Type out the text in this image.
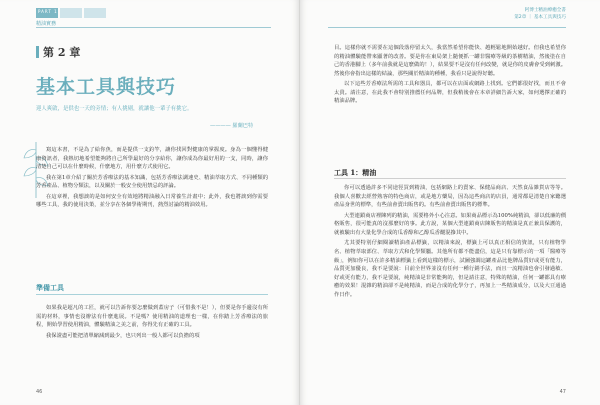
PART 1
精油實務
第 2 章
基本工具與技巧
迎人爽啟，是供也一天的旁情；有人挑剔，就讓他一輩子有挑它。
———— 羅蘭巴特

寫這本書，不是為了給你魚，而是提供一支釣竿，讓你找回對健康的掌握度。身為一個懂得健康資訊者，我熱切地希望能夠將自己所學最好的分享給你，讓你成為你最好用的一支，同時，讓你清楚自己可以在什麼時候，什麼地方，用什麼方式使用它。

我在第1章介紹了關於芳香療法的基本知識，包括芳香療法調速史、精油萃取方式、不同種類的芳香產品、植物分類法，以及關於一般安全使用禁忌的評論。

在這章裡，我想談的是如何安全有效地將精油融入日常養生計畫中；此外，我也將談到你需要哪些工具，我的使用決策，並分享在各個學術期刊，熱烈討論的精油效用。

準備工具

如果我是超凡的工匠，就可以告訴你要怎麼做到蓋房子（可惜我不是！），但要是你手邊沒有所需的材料，事情也沒辦法有什麼進展。不是嗎？使用精油的道理也一樣，在你踏上芳香療法的旅程，開始學習使用精油，體驗精油之美之前，你得先有正確的工具。

我保證盡可能把清單縮減到最少，也只列出一般人都可以負擔的項

46
阿博士精油療癒全書
第2章 ｜ 基本工具與技巧

目。這樣你就不需要在這個段落停留太久，我當然希望你能快、越輕鬆地開始越好。但我也希望你的精油體驗能帶來顯著的改善。要是你在東局架上隨便抓一罐非醫療等級的茶樹精油，然後塗在自己的香港腳上（多年前我就是這麼做的！），結果要不是沒有任何改變，就是你的皮膚會受到刺激。然後你會指出這樣的結論，那些關於精油的種種，我看只是說得好聽。

以下這些芳香療法所需的工具和器具，都可以在店面或網路上找到。它們都很好找，而且不會太貴。請注意，在此我不會特別推薦任何品牌，但我稍後會在本章詳細告訴大家，如何選擇正確的精油品牌。

工具 1：精油

你可以透過許多不同途徑買到精油，包括網路上的賣家、保健品商店、天然食品雜貨店等等。我個人喜歡去經營熟客的特色商店，或是地方藥局，因為這些商店的店員，通常都是清楚自家聽選產品身世的標準，有些前會賣出販售的。有些前會賣出販售的標準。

大型連鎖商店裡陳列的精油，需要格外小心注意。如果商品標示為100%純精油，卻以低廉的價格販售，很可能真的沒那麼好的事。此方說，某個大型連鎖商店陳販售的精油是真正兼具保護的，就被驗出有大量化學合成的瓜香醇和乙醇瓜香醚混摻其中。

尤其要特別仔細閱讀精油產品標籤，以精油來說，標籤上可以真正相信的資訊，只有植物學名、植物萃取部位、萃取方式和化學類屬。其他所有都不能盡信，這是只有靠標示的一項「醫療等級」，例如你可以在許多精油標籤上看到這樣的標示，試圖強調這罐產品比他牌品質好或更有能力，品質更加優良，我不是要說：目前全世界並沒有任何一種行銷手法，而且一流精油也會引發過敏、好或更有能力，我不是要說，純精油是非常能夠的，但是請注意，特殊的精油，任何一罐都具有療癒的效果！混雜的精油卻不是純精油，而是合成的化學分子，再加上一些精油成分，以及大豆通過作日作。

47
